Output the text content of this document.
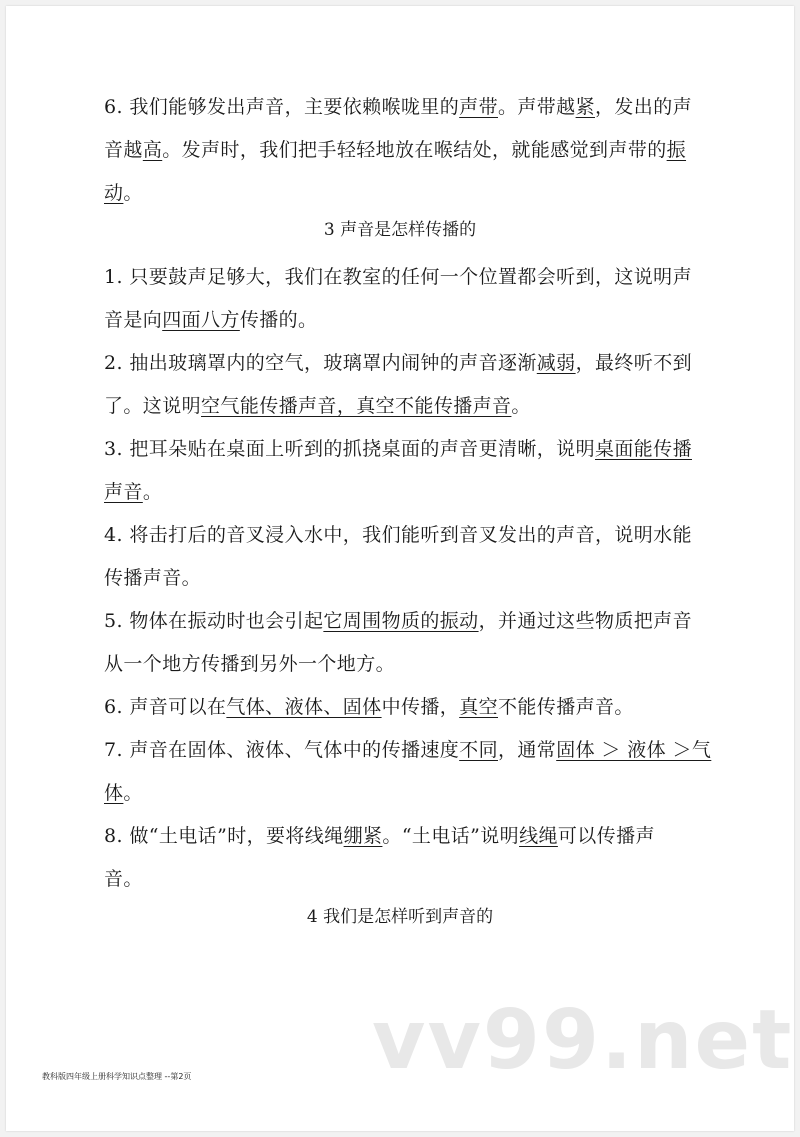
6. 我们能够发出声音，主要依赖喉咙里的声带。声带越紧，发出的声
音越高。发声时，我们把手轻轻地放在喉结处，就能感觉到声带的振
动。
3 声音是怎样传播的
1. 只要鼓声足够大，我们在教室的任何一个位置都会听到，这说明声
音是向四面八方传播的。
2. 抽出玻璃罩内的空气，玻璃罩内闹钟的声音逐渐减弱，最终听不到
了。这说明空气能传播声音，真空不能传播声音。
3. 把耳朵贴在桌面上听到的抓挠桌面的声音更清晰，说明桌面能传播
声音。
4. 将击打后的音叉浸入水中，我们能听到音叉发出的声音，说明水能
传播声音。
5. 物体在振动时也会引起它周围物质的振动，并通过这些物质把声音
从一个地方传播到另外一个地方。
6. 声音可以在气体、液体、固体中传播，真空不能传播声音。
7. 声音在固体、液体、气体中的传播速度不同，通常固体 ＞ 液体 ＞气
体。
8. 做“土电话”时，要将线绳绷紧。“土电话”说明线绳可以传播声
音。
4 我们是怎样听到声音的
vv99.net
教科版四年级上册科学知识点整理 --第2页
